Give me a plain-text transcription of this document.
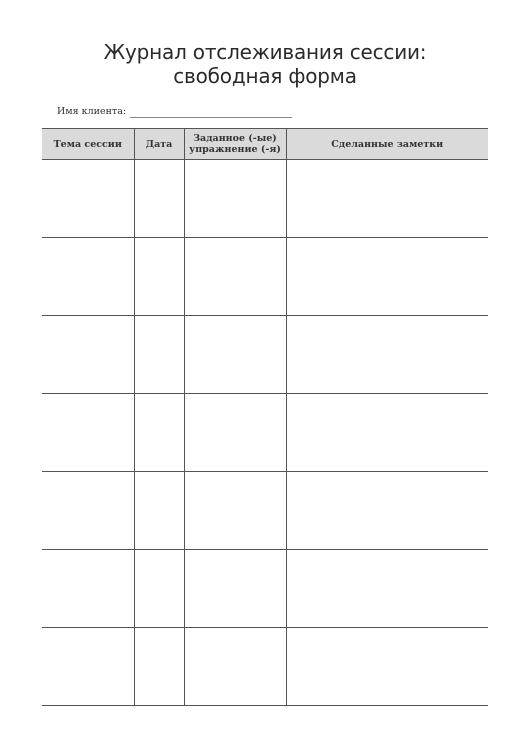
Журнал отслеживания сессии:
свободная форма
Имя клиента:
Тема сессии	Дата	Заданное (-ые) упражнение (-я)	Сделанные заметки
